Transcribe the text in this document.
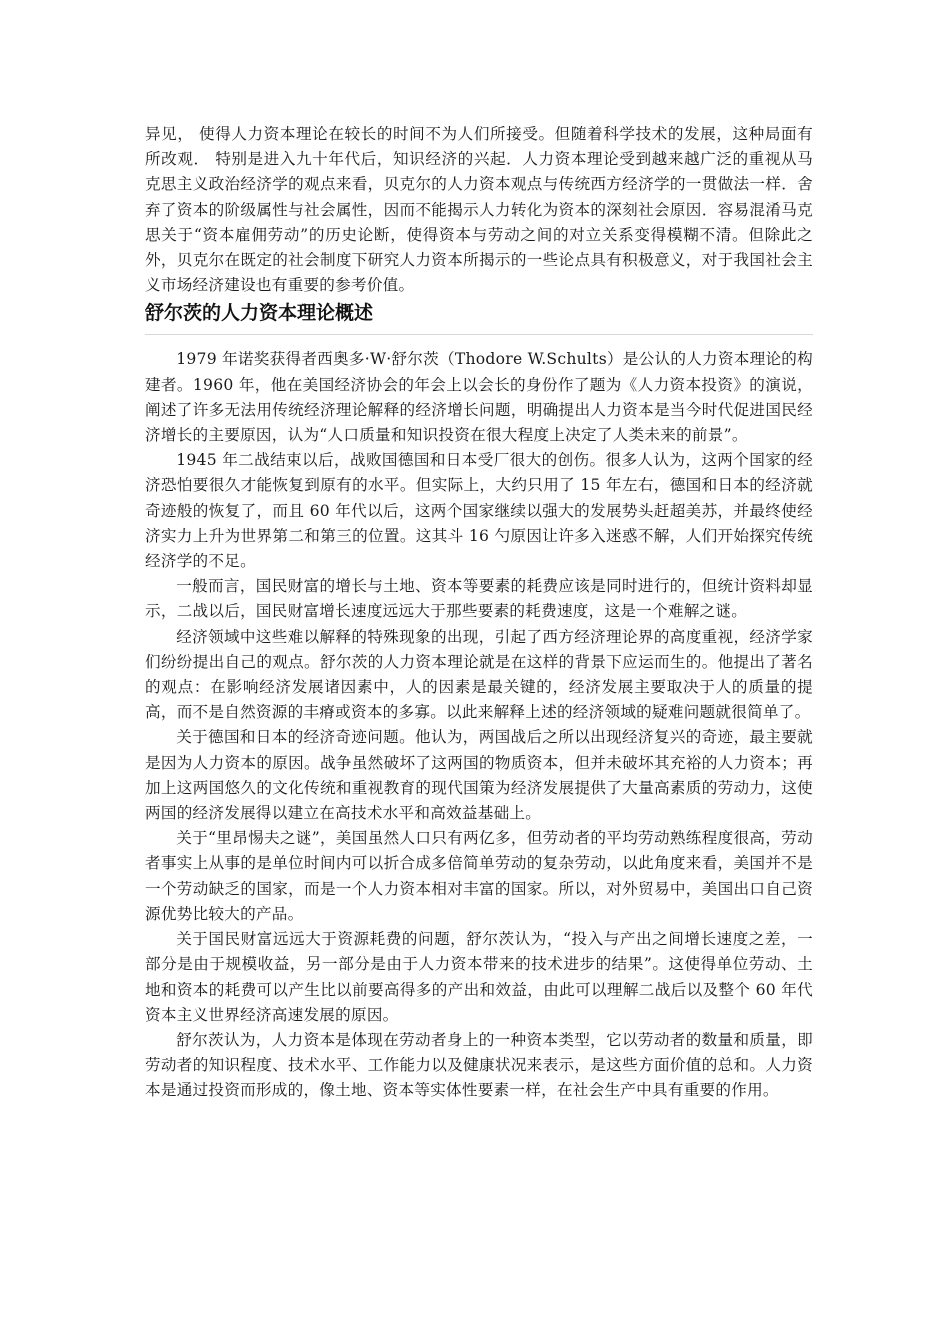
异见， 使得人力资本理论在较长的时间不为人们所接受。但随着科学技术的发展，这种局面有所改观． 特别是进入九十年代后，知识经济的兴起．人力资本理论受到越来越广泛的重视从马克思主义政治经济学的观点来看，贝克尔的人力资本观点与传统西方经济学的一贯做法一样．舍弃了资本的阶级属性与社会属性，因而不能揭示人力转化为资本的深刻社会原因．容易混淆马克思关于“资本雇佣劳动”的历史论断，使得资本与劳动之间的对立关系变得模糊不清。但除此之外，贝克尔在既定的社会制度下研究人力资本所揭示的一些论点具有积极意义，对于我国社会主义市场经济建设也有重要的参考价值。

舒尔茨的人力资本理论概述

1979 年诺奖获得者西奥多·W·舒尔茨（Thodore W.Schults）是公认的人力资本理论的构建者。1960 年，他在美国经济协会的年会上以会长的身份作了题为《人力资本投资》的演说，阐述了许多无法用传统经济理论解释的经济增长问题，明确提出人力资本是当今时代促进国民经济增长的主要原因，认为“人口质量和知识投资在很大程度上决定了人类未来的前景”。

1945 年二战结束以后，战败国德国和日本受厂很大的创伤。很多人认为，这两个国家的经济恐怕要很久才能恢复到原有的水平。但实际上，大约只用了 15 年左右，德国和日本的经济就奇迹般的恢复了，而且 60 年代以后，这两个国家继续以强大的发展势头赶超美苏，并最终使经济实力上升为世界第二和第三的位置。这其斗 16 勺原因让许多入迷惑不解，人们开始探究传统经济学的不足。

一般而言，国民财富的增长与土地、资本等要素的耗费应该是同时进行的，但统计资料却显示，二战以后，国民财富增长速度远远大于那些要素的耗费速度，这是一个难解之谜。

经济领域中这些难以解释的特殊现象的出现，引起了西方经济理论界的高度重视，经济学家们纷纷提出自己的观点。舒尔茨的人力资本理论就是在这样的背景下应运而生的。他提出了著名的观点：在影响经济发展诸因素中，人的因素是最关键的，经济发展主要取决于人的质量的提高，而不是自然资源的丰瘠或资本的多寡。以此来解释上述的经济领域的疑难问题就很简单了。

关于德国和日本的经济奇迹问题。他认为，两国战后之所以出现经济复兴的奇迹，最主要就是因为人力资本的原因。战争虽然破坏了这两国的物质资本，但并未破坏其充裕的人力资本；再加上这两国悠久的文化传统和重视教育的现代国策为经济发展提供了大量高素质的劳动力，这使两国的经济发展得以建立在高技术水平和高效益基础上。

关于“里昂惕夫之谜”，美国虽然人口只有两亿多，但劳动者的平均劳动熟练程度很高，劳动者事实上从事的是单位时间内可以折合成多倍简单劳动的复杂劳动，以此角度来看，美国并不是一个劳动缺乏的国家，而是一个人力资本相对丰富的国家。所以，对外贸易中，美国出口自己资源优势比较大的产品。

关于国民财富远远大于资源耗费的问题，舒尔茨认为，“投入与产出之间增长速度之差，一部分是由于规模收益，另一部分是由于人力资本带来的技术进步的结果”。这使得单位劳动、土地和资本的耗费可以产生比以前要高得多的产出和效益，由此可以理解二战后以及整个 60 年代资本主义世界经济高速发展的原因。

舒尔茨认为，人力资本是体现在劳动者身上的一种资本类型，它以劳动者的数量和质量，即劳动者的知识程度、技术水平、工作能力以及健康状况来表示，是这些方面价值的总和。人力资本是通过投资而形成的，像土地、资本等实体性要素一样，在社会生产中具有重要的作用。
